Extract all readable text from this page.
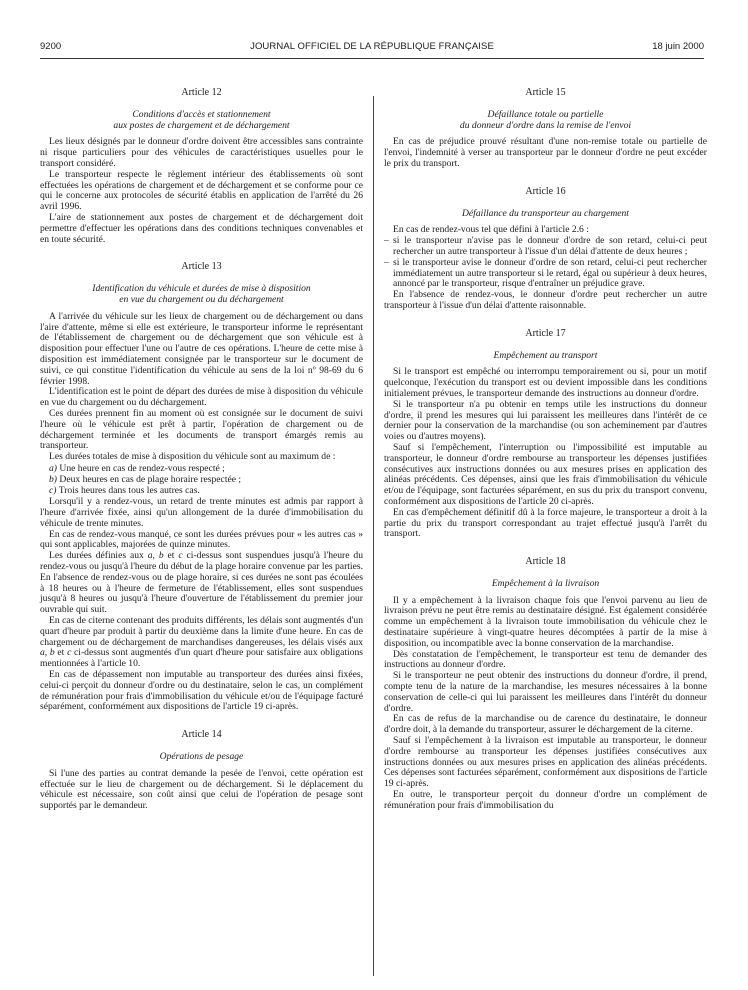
9200	JOURNAL OFFICIEL DE LA RÉPUBLIQUE FRANÇAISE	18 juin 2000
Article 12
Conditions d'accès et stationnement
aux postes de chargement et de déchargement

Les lieux désignés par le donneur d'ordre doivent être accessibles sans contrainte ni risque particuliers pour des véhicules de caractéristiques usuelles pour le transport considéré.

Le transporteur respecte le règlement intérieur des établissements où sont effectuées les opérations de chargement et de déchargement et se conforme pour ce qui le concerne aux protocoles de sécurité établis en application de l'arrêté du 26 avril 1996.

L'aire de stationnement aux postes de chargement et de déchargement doit permettre d'effectuer les opérations dans des conditions techniques convenables et en toute sécurité.

Article 13
Identification du véhicule et durées de mise à disposition
en vue du chargement ou du déchargement

A l'arrivée du véhicule sur les lieux de chargement ou de déchargement ou dans l'aire d'attente, même si elle est extérieure, le transporteur informe le représentant de l'établissement de chargement ou de déchargement que son véhicule est à disposition pour effectuer l'une ou l'autre de ces opérations. L'heure de cette mise à disposition est immédiatement consignée par le transporteur sur le document de suivi, ce qui constitue l'identification du véhicule au sens de la loi nº 98-69 du 6 février 1998.

L'identification est le point de départ des durées de mise à disposition du véhicule en vue du chargement ou du déchargement.

Ces durées prennent fin au moment où est consignée sur le document de suivi l'heure où le véhicule est prêt à partir, l'opération de chargement ou de déchargement terminée et les documents de transport émargés remis au transporteur.

Les durées totales de mise à disposition du véhicule sont au maximum de :

a) Une heure en cas de rendez-vous respecté ;
b) Deux heures en cas de plage horaire respectée ;
c) Trois heures dans tous les autres cas.

Lorsqu'il y a rendez-vous, un retard de trente minutes est admis par rapport à l'heure d'arrivée fixée, ainsi qu'un allongement de la durée d'immobilisation du véhicule de trente minutes.

En cas de rendez-vous manqué, ce sont les durées prévues pour « les autres cas » qui sont applicables, majorées de quinze minutes.

Les durées définies aux a, b et c ci-dessus sont suspendues jusqu'à l'heure du rendez-vous ou jusqu'à l'heure du début de la plage horaire convenue par les parties. En l'absence de rendez-vous ou de plage horaire, si ces durées ne sont pas écoulées à 18 heures ou à l'heure de fermeture de l'établissement, elles sont suspendues jusqu'à 8 heures ou jusqu'à l'heure d'ouverture de l'établissement du premier jour ouvrable qui suit.

En cas de citerne contenant des produits différents, les délais sont augmentés d'un quart d'heure par produit à partir du deuxième dans la limite d'une heure. En cas de chargement ou de déchargement de marchandises dangereuses, les délais visés aux a, b et c ci-dessus sont augmentés d'un quart d'heure pour satisfaire aux obligations mentionnées à l'article 10.

En cas de dépassement non imputable au transporteur des durées ainsi fixées, celui-ci perçoit du donneur d'ordre ou du destinataire, selon le cas, un complément de rémunération pour frais d'immobilisation du véhicule et/ou de l'équipage facturé séparément, conformément aux dispositions de l'article 19 ci-après.

Article 14
Opérations de pesage

Si l'une des parties au contrat demande la pesée de l'envoi, cette opération est effectuée sur le lieu de chargement ou de déchargement. Si le déplacement du véhicule est nécessaire, son coût ainsi que celui de l'opération de pesage sont supportés par le demandeur.

Article 15
Défaillance totale ou partielle
du donneur d'ordre dans la remise de l'envoi

En cas de préjudice prouvé résultant d'une non-remise totale ou partielle de l'envoi, l'indemnité à verser au transporteur par le donneur d'ordre ne peut excéder le prix du transport.

Article 16
Défaillance du transporteur au chargement

En cas de rendez-vous tel que défini à l'article 2.6 :

– si le transporteur n'avise pas le donneur d'ordre de son retard, celui-ci peut rechercher un autre transporteur à l'issue d'un délai d'attente de deux heures ;

– si le transporteur avise le donneur d'ordre de son retard, celui-ci peut rechercher immédiatement un autre transporteur si le retard, égal ou supérieur à deux heures, annoncé par le transporteur, risque d'entraîner un préjudice grave.

En l'absence de rendez-vous, le donneur d'ordre peut rechercher un autre transporteur à l'issue d'un délai d'attente raisonnable.

Article 17
Empêchement au transport

Si le transport est empêché ou interrompu temporairement ou si, pour un motif quelconque, l'exécution du transport est ou devient impossible dans les conditions initialement prévues, le transporteur demande des instructions au donneur d'ordre.

Si le transporteur n'a pu obtenir en temps utile les instructions du donneur d'ordre, il prend les mesures qui lui paraissent les meilleures dans l'intérêt de ce dernier pour la conservation de la marchandise (ou son acheminement par d'autres voies ou d'autres moyens).

Sauf si l'empêchement, l'interruption ou l'impossibilité est imputable au transporteur, le donneur d'ordre rembourse au transporteur les dépenses justifiées consécutives aux instructions données ou aux mesures prises en application des alinéas précédents. Ces dépenses, ainsi que les frais d'immobilisation du véhicule et/ou de l'équipage, sont facturées séparément, en sus du prix du transport convenu, conformément aux dispositions de l'article 20 ci-après.

En cas d'empêchement définitif dû à la force majeure, le transporteur a droit à la partie du prix du transport correspondant au trajet effectué jusqu'à l'arrêt du transport.

Article 18
Empêchement à la livraison

Il y a empêchement à la livraison chaque fois que l'envoi parvenu au lieu de livraison prévu ne peut être remis au destinataire désigné. Est également considérée comme un empêchement à la livraison toute immobilisation du véhicule chez le destinataire supérieure à vingt-quatre heures décomptées à partir de la mise à disposition, ou incompatible avec la bonne conservation de la marchandise.

Dès constatation de l'empêchement, le transporteur est tenu de demander des instructions au donneur d'ordre.

Si le transporteur ne peut obtenir des instructions du donneur d'ordre, il prend, compte tenu de la nature de la marchandise, les mesures nécessaires à la bonne conservation de celle-ci qui lui paraissent les meilleures dans l'intérêt du donneur d'ordre.

En cas de refus de la marchandise ou de carence du destinataire, le donneur d'ordre doit, à la demande du transporteur, assurer le déchargement de la citerne.

Sauf si l'empêchement à la livraison est imputable au transporteur, le donneur d'ordre rembourse au transporteur les dépenses justifiées consécutives aux instructions données ou aux mesures prises en application des alinéas précédents. Ces dépenses sont facturées séparément, conformément aux dispositions de l'article 19 ci-après.

En outre, le transporteur perçoit du donneur d'ordre un complément de rémunération pour frais d'immobilisation du
